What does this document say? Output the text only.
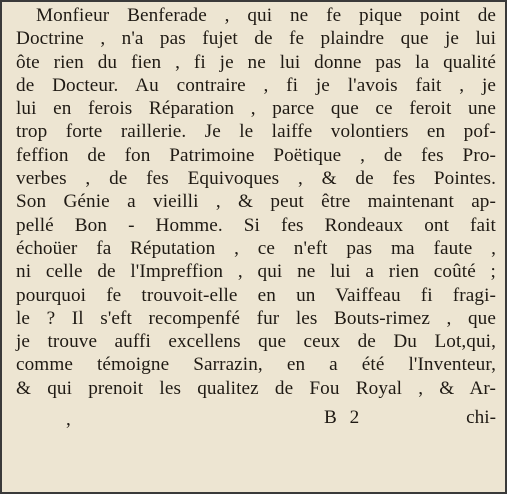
Monfieur Benferade , qui ne fe pique point de
Doctrine , n'a pas fujet de fe plaindre que je lui
ôte rien du fien , fi je ne lui donne pas la qualité
de Docteur. Au contraire , fi je l'avois fait , je
lui en ferois Réparation , parce que ce feroit une
trop forte raillerie. Je le laiffe volontiers en pof-
feffion de fon Patrimoine Poëtique , de fes Pro-
verbes , de fes Equivoques , & de fes Pointes.
Son Génie a vieilli , & peut être maintenant ap-
pellé Bon - Homme. Si fes Rondeaux ont fait
échoüer fa Réputation , ce n'eft pas ma faute ,
ni celle de l'Impreffion , qui ne lui a rien coûté ;
pourquoi fe trouvoit-elle en un Vaiffeau fi fragi-
le ? Il s'eft recompenfé fur les Bouts-rimez , que
je trouve auffi excellens que ceux de Du Lot,qui,
comme témoigne Sarrazin, en a été l'Inventeur,
& qui prenoit les qualitez de Fou Royal , & Ar-
,	B 2	chi-
